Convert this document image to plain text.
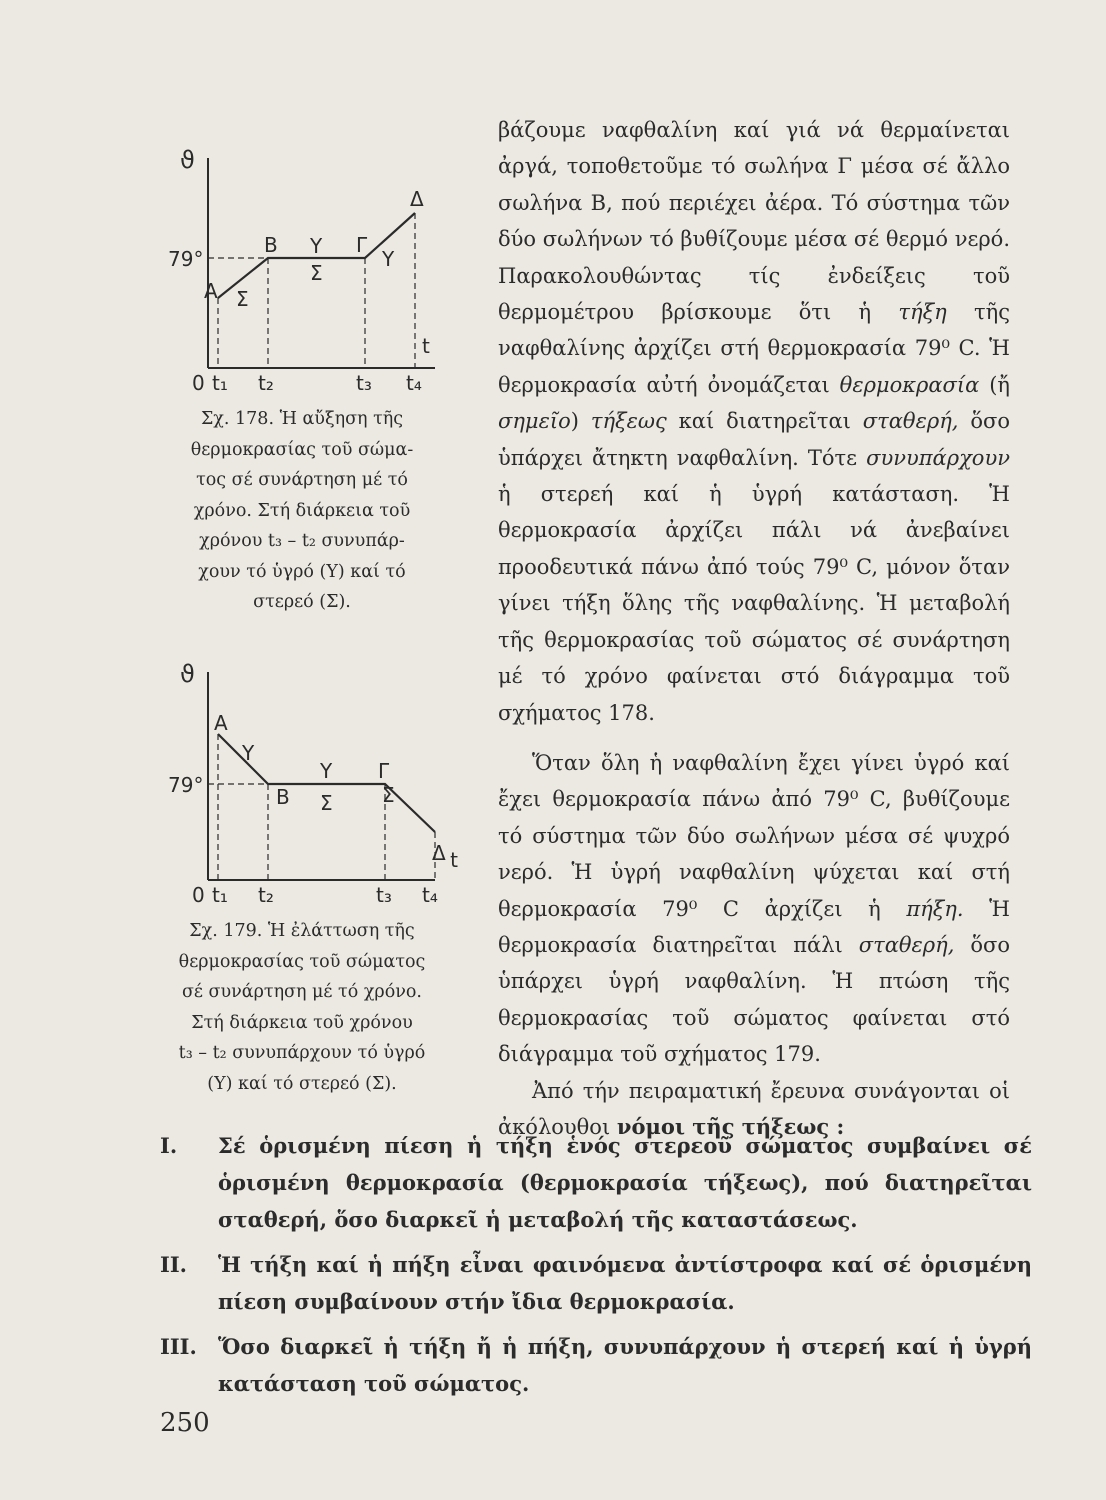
ϑ
79°
Α
Β	Γ
Δ
Σ
Υ
Σ
Υ
t
0 t₁ t₂	t₃ t₄
Σχ. 178. Ἡ αὔξηση τῆς
θερμοκρασίας τοῦ σώμα-
τος σέ συνάρτηση μέ τό
χρόνο. Στή διάρκεια τοῦ
χρόνου t₃ – t₂ συνυπάρ-
χουν τό ὑγρό (Υ) καί τό
στερεό (Σ).
ϑ
79°
Α
Β
Γ
Δ
Υ
Υ
Σ Σ
t
0 t₁ t₂	t₃ t₄
Σχ. 179. Ἡ ἐλάττωση τῆς
θερμοκρασίας τοῦ σώματος
σέ συνάρτηση μέ τό χρόνο.
Στή διάρκεια τοῦ χρόνου
t₃ – t₂ συνυπάρχουν τό ὑγρό
(Υ) καί τό στερεό (Σ).

βάζουμε ναφθαλίνη καί γιά νά θερμαίνεται ἀργά, τοποθετοῦμε τό σωλήνα Γ μέσα σέ ἄλλο σωλήνα Β, πού περιέχει ἀέρα. Τό σύστημα τῶν δύο σωλήνων τό βυθίζουμε μέσα σέ θερμό νερό. Παρακολουθώντας τίς ἐνδείξεις τοῦ θερμομέτρου βρίσκουμε ὅτι ἡ τήξη τῆς ναφθαλίνης ἀρχίζει στή θερμοκρασία 79⁰ C. Ἡ θερμοκρασία αὐτή ὀνομάζεται θερμοκρασία (ἤ σημεῖο) τήξεως καί διατηρεῖται σταθερή, ὅσο ὑπάρχει ἄτηκτη ναφθαλίνη. Τότε συνυπάρχουν ἡ στερεή καί ἡ ὑγρή κατάσταση. Ἡ θερμοκρασία ἀρχίζει πάλι νά ἀνεβαίνει προοδευτικά πάνω ἀπό τούς 79⁰ C, μόνον ὅταν γίνει τήξη ὅλης τῆς ναφθαλίνης. Ἡ μεταβολή τῆς θερμοκρασίας τοῦ σώματος σέ συνάρτηση μέ τό χρόνο φαίνεται στό διάγραμμα τοῦ σχήματος 178.

Ὅταν ὅλη ἡ ναφθαλίνη ἔχει γίνει ὑγρό καί ἔχει θερμοκρασία πάνω ἀπό 79⁰ C, βυθίζουμε τό σύστημα τῶν δύο σωλήνων μέσα σέ ψυχρό νερό. Ἡ ὑγρή ναφθαλίνη ψύχεται καί στή θερμοκρασία 79⁰ C ἀρχίζει ἡ πήξη. Ἡ θερμοκρασία διατηρεῖται πάλι σταθερή, ὅσο ὑπάρχει ὑγρή ναφθαλίνη. Ἡ πτώση τῆς θερμοκρασίας τοῦ σώματος φαίνεται στό διάγραμμα τοῦ σχήματος 179.

Ἀπό τήν πειραματική ἔρευνα συνάγονται οἱ ἀκόλουθοι νόμοι τῆς τήξεως :

Ι. Σέ ὁρισμένη πίεση ἡ τήξη ἑνός στερεοῦ σώματος συμβαίνει σέ ὁρισμένη θερμοκρασία (θερμοκρασία τήξεως), πού διατηρεῖται σταθερή, ὅσο διαρκεῖ ἡ μεταβολή τῆς καταστάσεως.

ΙΙ. Ἡ τήξη καί ἡ πήξη εἶναι φαινόμενα ἀντίστροφα καί σέ ὁρισμένη πίεση συμβαίνουν στήν ἴδια θερμοκρασία.

ΙΙΙ. Ὅσο διαρκεῖ ἡ τήξη ἤ ἡ πήξη, συνυπάρχουν ἡ στερεή καί ἡ ὑγρή κατάσταση τοῦ σώματος.

250
